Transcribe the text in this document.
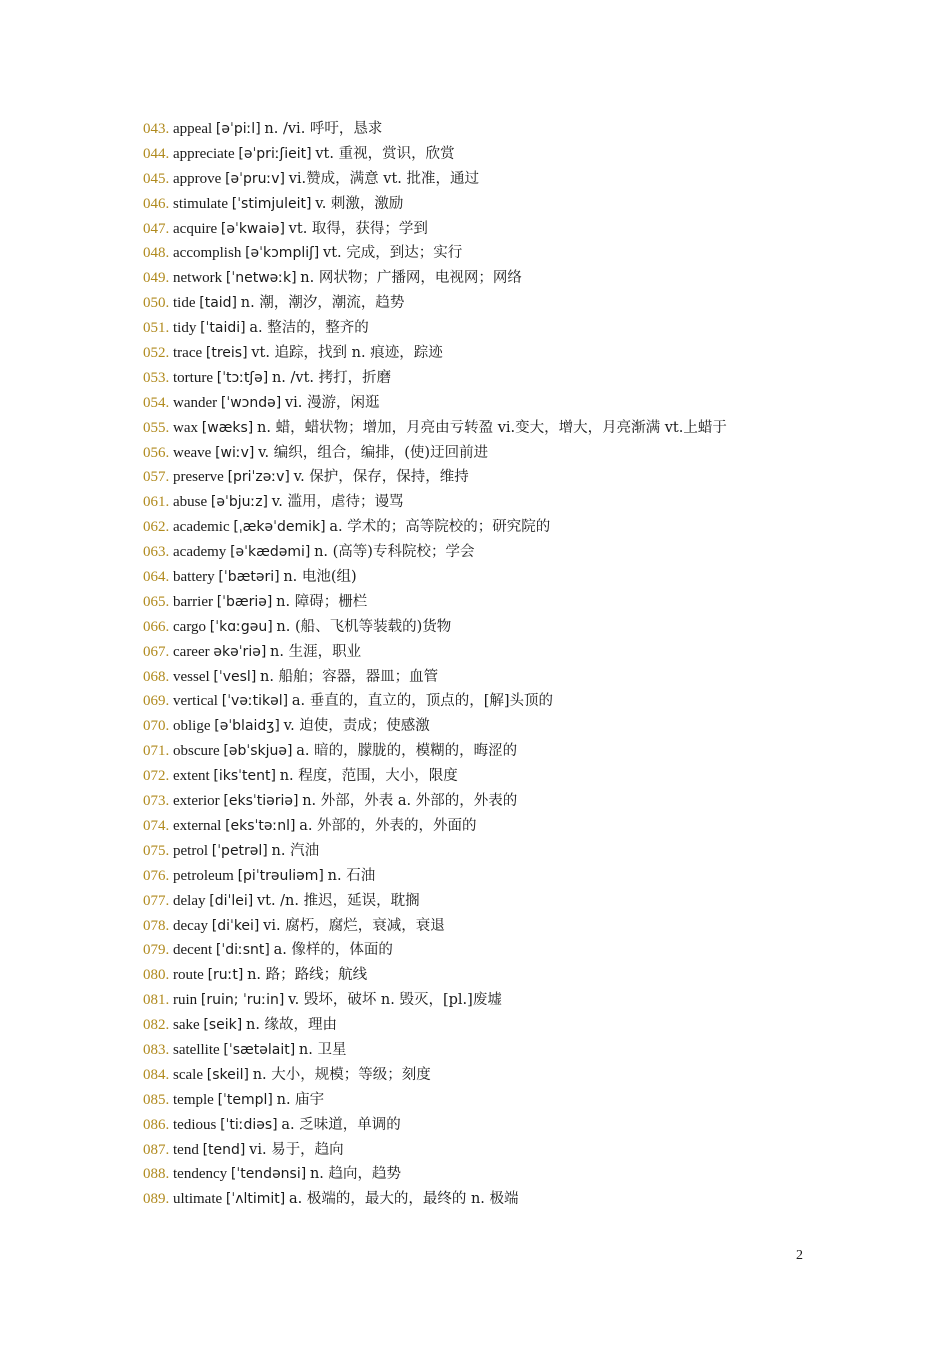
043. appeal [əˈpiːl] n. /vi. 呼吁，恳求
044. appreciate [əˈpriːʃieit] vt. 重视，赏识，欣赏
045. approve [əˈpruːv] vi.赞成，满意 vt. 批准，通过
046. stimulate [ˈstimjuleit] v. 刺激，激励
047. acquire [əˈkwaiə] vt. 取得，获得；学到
048. accomplish [əˈkɔmpliʃ] vt. 完成，到达；实行
049. network [ˈnetwəːk] n. 网状物；广播网，电视网；网络
050. tide [taid] n. 潮，潮汐，潮流，趋势
051. tidy [ˈtaidi] a. 整洁的，整齐的
052. trace [treis] vt. 追踪，找到 n. 痕迹，踪迹
053. torture [ˈtɔːtʃə] n. /vt. 拷打，折磨
054. wander [ˈwɔndə] vi. 漫游，闲逛
055. wax [wæks] n. 蜡，蜡状物；增加，月亮由亏转盈 vi.变大，增大，月亮渐满 vt.上蜡于
056. weave [wiːv] v. 编织，组合，编排，(使)迂回前进
057. preserve [priˈzəːv] v. 保护，保存，保持，维持
061. abuse [əˈbjuːz] v. 滥用，虐待；谩骂
062. academic [ˌækəˈdemik] a. 学术的；高等院校的；研究院的
063. academy [əˈkædəmi] n. (高等)专科院校；学会
064. battery [ˈbætəri] n. 电池(组)
065. barrier [ˈbæriə] n. 障碍；栅栏
066. cargo [ˈkɑːgəu] n. (船、飞机等装载的)货物
067. career əkəˈriə] n. 生涯，职业
068. vessel [ˈvesl] n. 船舶；容器，器皿；血管
069. vertical [ˈvəːtikəl] a. 垂直的，直立的，顶点的，[解]头顶的
070. oblige [əˈblaidʒ] v. 迫使，责成；使感激
071. obscure [əbˈskjuə] a. 暗的，朦胧的，模糊的，晦涩的
072. extent [iksˈtent] n. 程度，范围，大小，限度
073. exterior [eksˈtiəriə] n. 外部，外表 a. 外部的，外表的
074. external [eksˈtəːnl] a. 外部的，外表的，外面的
075. petrol [ˈpetrəl] n. 汽油
076. petroleum [piˈtrəuliəm] n. 石油
077. delay [diˈlei] vt. /n. 推迟，延误，耽搁
078. decay [diˈkei] vi. 腐朽，腐烂，衰减，衰退
079. decent [ˈdiːsnt] a. 像样的，体面的
080. route [ruːt] n. 路；路线；航线
081. ruin [ruin; ˈruːin] v. 毁坏，破坏 n. 毁灭，[pl.]废墟
082. sake [seik] n. 缘故，理由
083. satellite [ˈsætəlait] n. 卫星
084. scale [skeil] n. 大小，规模；等级；刻度
085. temple [ˈtempl] n. 庙宇
086. tedious [ˈtiːdiəs] a. 乏味道，单调的
087. tend [tend] vi. 易于，趋向
088. tendency [ˈtendənsi] n. 趋向，趋势
089. ultimate [ˈʌltimit] a. 极端的，最大的，最终的 n. 极端
2
